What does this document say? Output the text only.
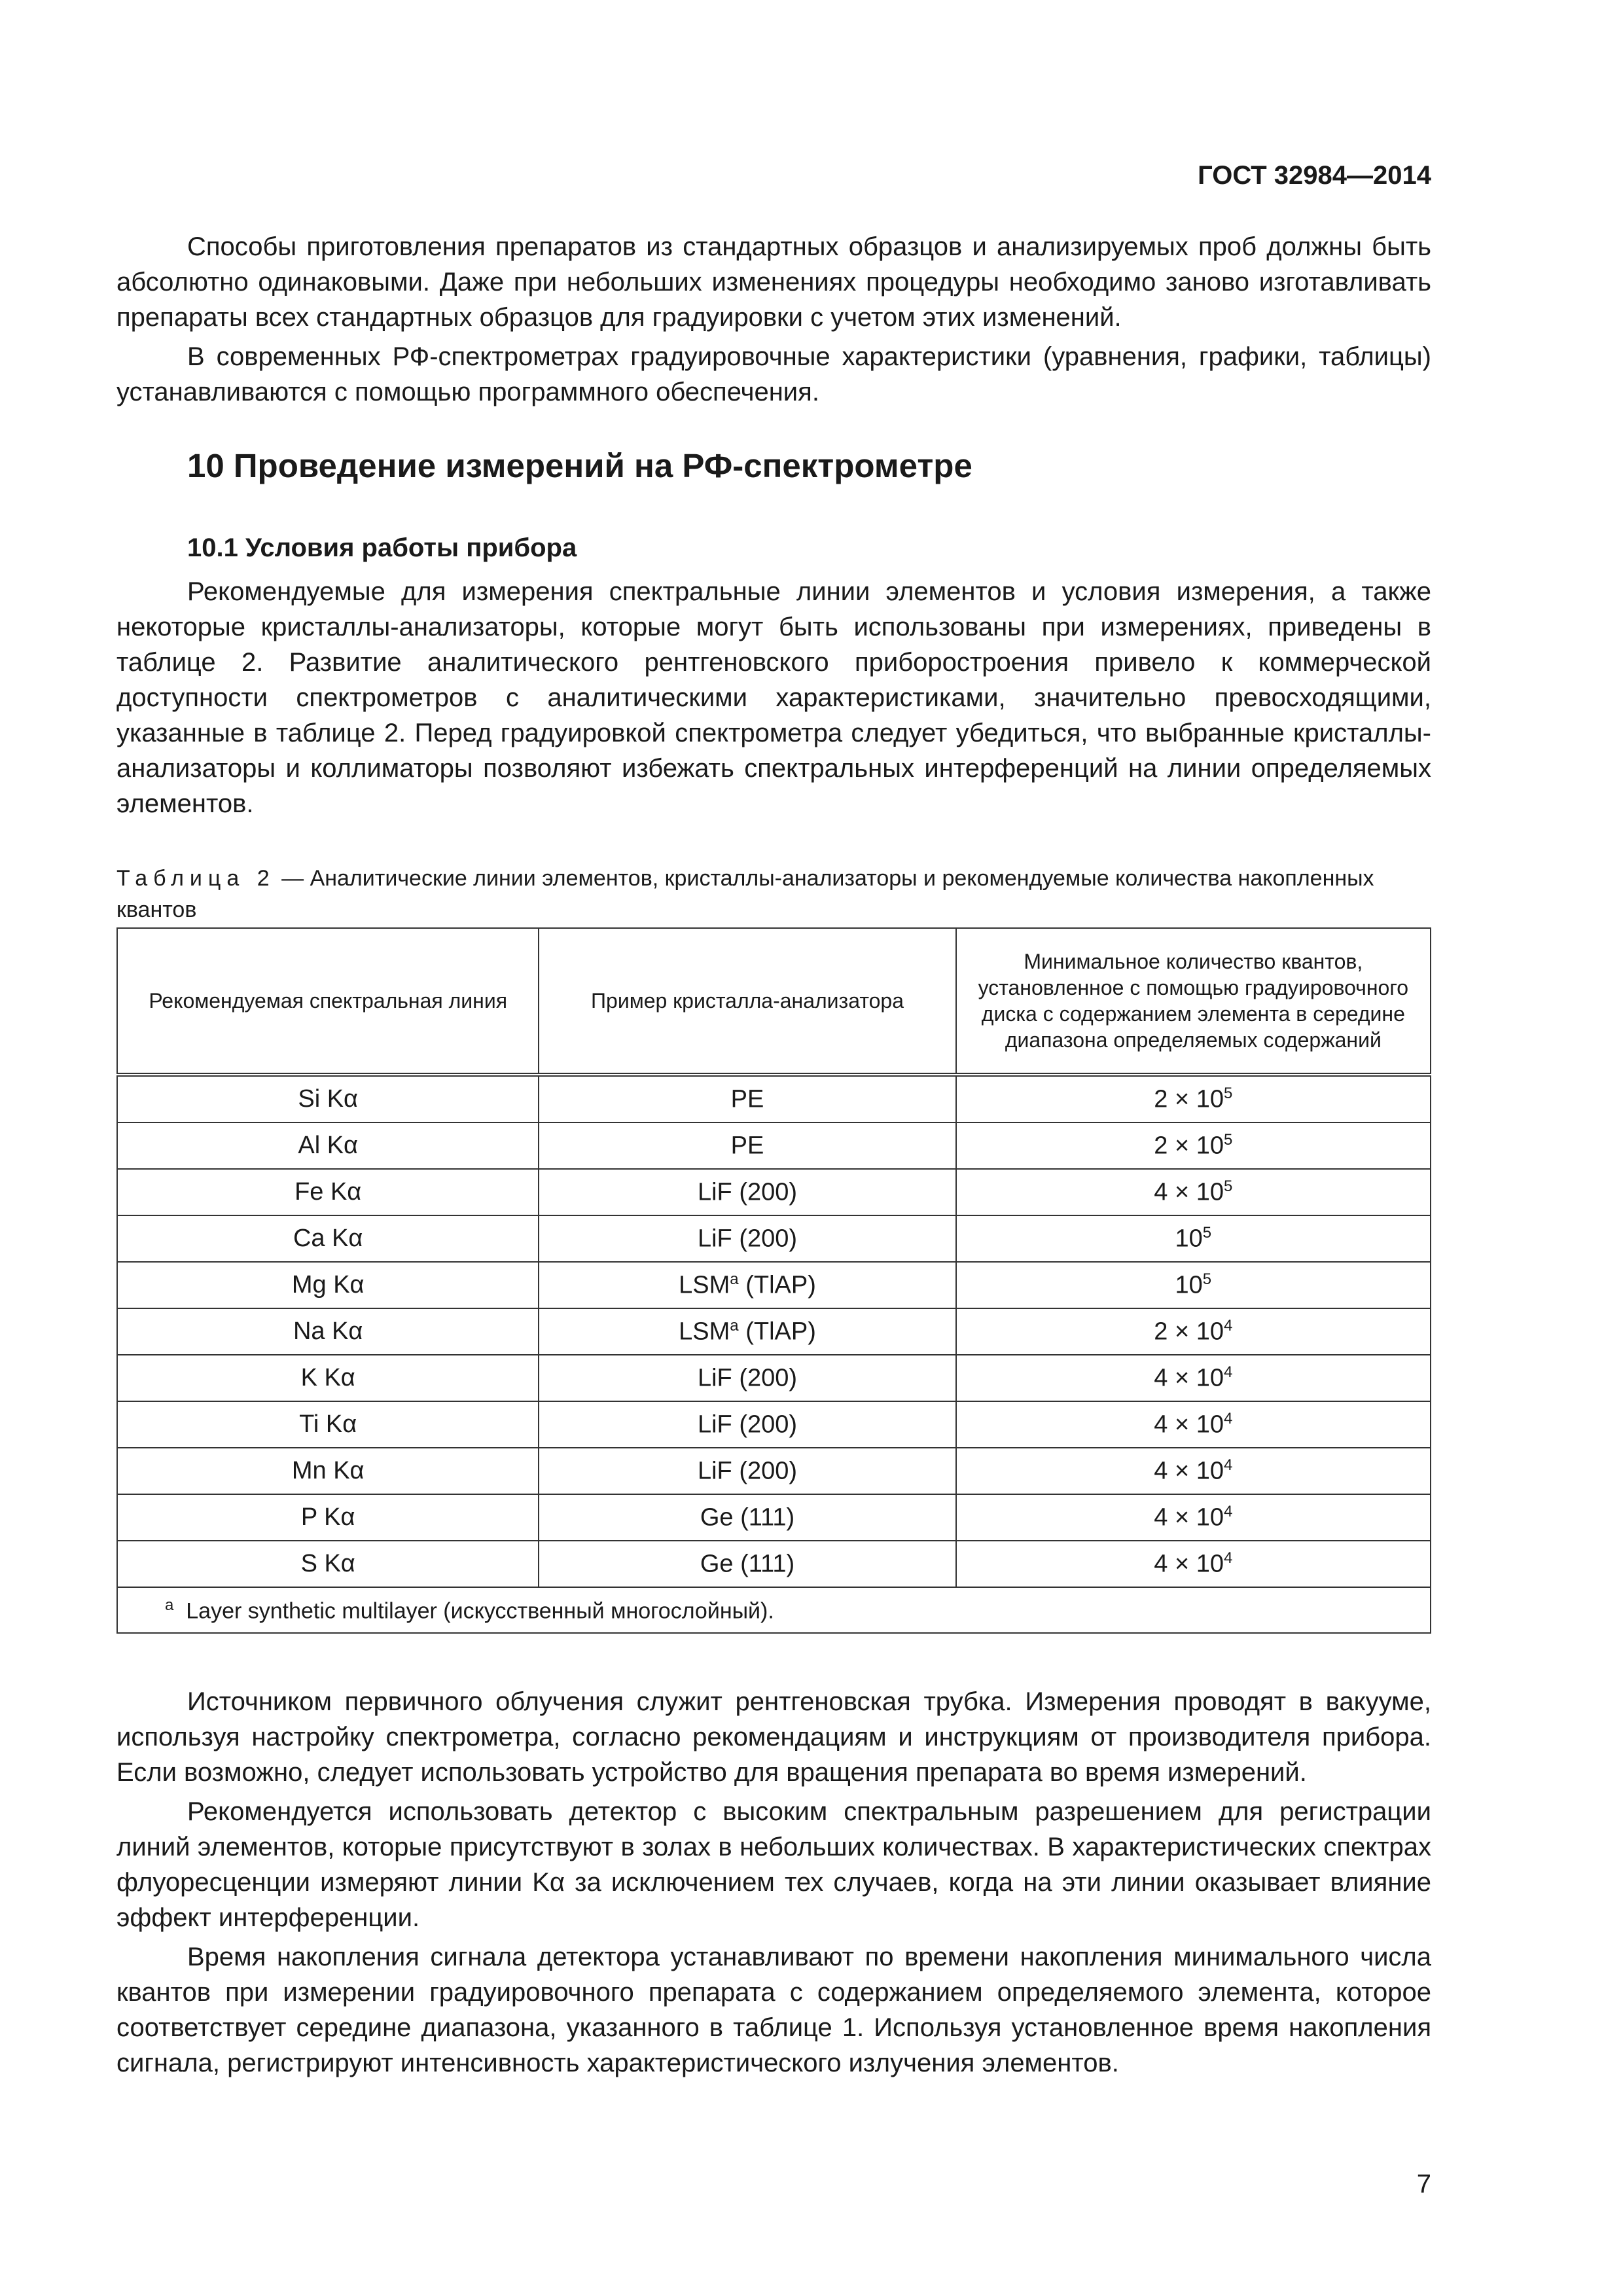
ГОСТ 32984—2014

Способы приготовления препаратов из стандартных образцов и анализируемых проб должны быть абсолютно одинаковыми. Даже при небольших изменениях процедуры необходимо заново изготавливать препараты всех стандартных образцов для градуировки с учетом этих изменений.

В современных РФ-спектрометрах градуировочные характеристики (уравнения, графики, таблицы) устанавливаются с помощью программного обеспечения.

10 Проведение измерений на РФ-спектрометре
10.1 Условия работы прибора

Рекомендуемые для измерения спектральные линии элементов и условия измерения, а также некоторые кристаллы-анализаторы, которые могут быть использованы при измерениях, приведены в таблице 2. Развитие аналитического рентгеновского приборостроения привело к коммерческой доступности спектрометров с аналитическими характеристиками, значительно превосходящими, указанные в таблице 2. Перед градуировкой спектрометра следует убедиться, что выбранные кристаллы-анализаторы и коллиматоры позволяют избежать спектральных интерференций на линии определяемых элементов.

Таблица 2 — Аналитические линии элементов, кристаллы-анализаторы и рекомендуемые количества накопленных квантов
Рекомендуемая спектральная линия	Пример кристалла-анализатора	Минимальное количество квантов, установленное с помощью градуировочного диска с содержанием элемента в середине диапазона определяемых содержаний
Si Kα	PE	$2 \times 10^5$
Al Kα	PE	$2 \times 10^5$
Fe Kα	LiF (200)	$4 \times 10^5$
Ca Kα	LiF (200)	$10^5$
Mg Kα	LSM$^a$ (TlAP)	$10^5$
Na Kα	LSM$^a$ (TlAP)	$2 \times 10^4$
K Kα	LiF (200)	$4 \times 10^4$
Ti Kα	LiF (200)	$4 \times 10^4$
Mn Kα	LiF (200)	$4 \times 10^4$
P Kα	Ge (111)	$4 \times 10^4$
S Kα	Ge (111)	$4 \times 10^4$
$^a$ Layer synthetic multilayer (искусственный многослойный).		

Источником первичного облучения служит рентгеновская трубка. Измерения проводят в вакууме, используя настройку спектрометра, согласно рекомендациям и инструкциям от производителя прибора. Если возможно, следует использовать устройство для вращения препарата во время измерений.

Рекомендуется использовать детектор с высоким спектральным разрешением для регистрации линий элементов, которые присутствуют в золах в небольших количествах. В характеристических спектрах флуоресценции измеряют линии Kα за исключением тех случаев, когда на эти линии оказывает влияние эффект интерференции.

Время накопления сигнала детектора устанавливают по времени накопления минимального числа квантов при измерении градуировочного препарата с содержанием определяемого элемента, которое соответствует середине диапазона, указанного в таблице 1. Используя установленное время накопления сигнала, регистрируют интенсивность характеристического излучения элементов.

7
